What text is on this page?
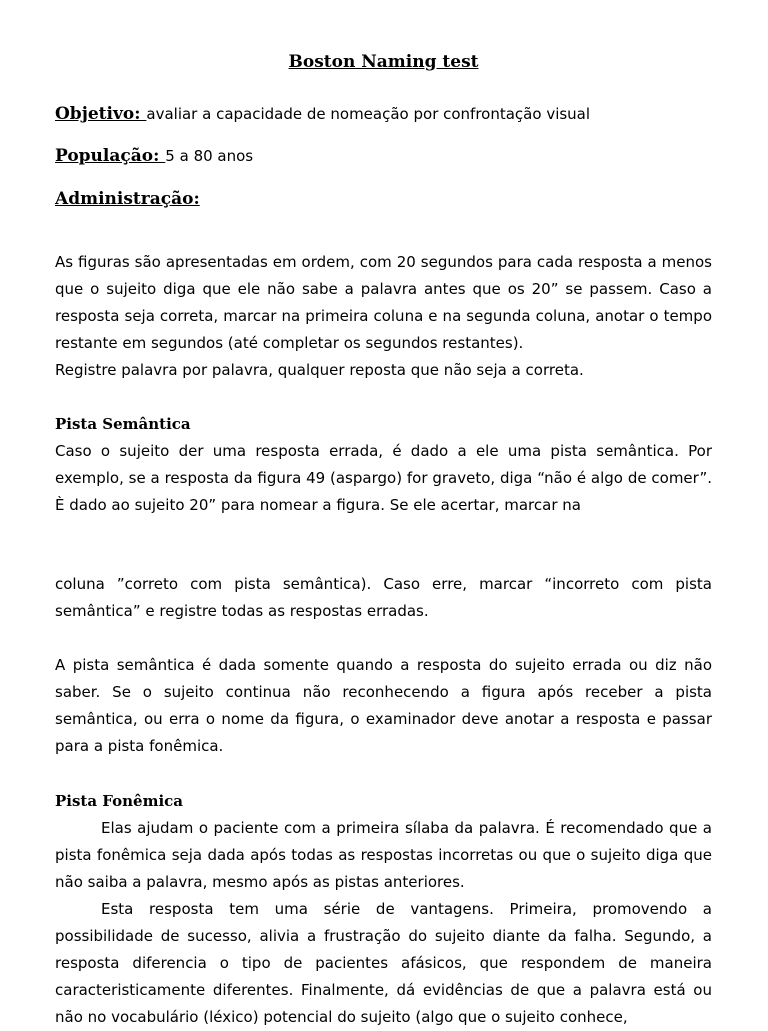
Boston Naming test
Objetivo: avaliar a capacidade de nomeação por confrontação visual
População: 5 a 80 anos
Administração:

As figuras são apresentadas em ordem, com 20 segundos para cada resposta a menos que o sujeito diga que ele não sabe a palavra antes que os 20” se passem. Caso a resposta seja correta, marcar na primeira coluna e na segunda coluna, anotar o tempo restante em segundos (até completar os segundos restantes).

Registre palavra por palavra, qualquer reposta que não seja a correta.

Pista Semântica
Caso o sujeito der uma resposta errada, é dado a ele uma pista semântica. Por exemplo, se a resposta da figura 49 (aspargo) for graveto, diga “não é algo de comer”. È dado ao sujeito 20” para nomear a figura. Se ele acertar, marcar na
coluna ”correto com pista semântica). Caso erre, marcar “incorreto com pista semântica” e registre todas as respostas erradas.
A pista semântica é dada somente quando a resposta do sujeito errada ou diz não saber. Se o sujeito continua não reconhecendo a figura após receber a pista semântica, ou erra o nome da figura, o examinador deve anotar a resposta e passar para a pista fonêmica.
Pista Fonêmica

Elas ajudam o paciente com a primeira sílaba da palavra. É recomendado que a pista fonêmica seja dada após todas as respostas incorretas ou que o sujeito diga que não saiba a palavra, mesmo após as pistas anteriores.

Esta resposta tem uma série de vantagens. Primeira, promovendo a possibilidade de sucesso, alivia a frustração do sujeito diante da falha. Segundo, a resposta diferencia o tipo de pacientes afásicos, que respondem de maneira caracteristicamente diferentes. Finalmente, dá evidências de que a palavra está ou não no vocabulário (léxico) potencial do sujeito (algo que o sujeito conhece,
